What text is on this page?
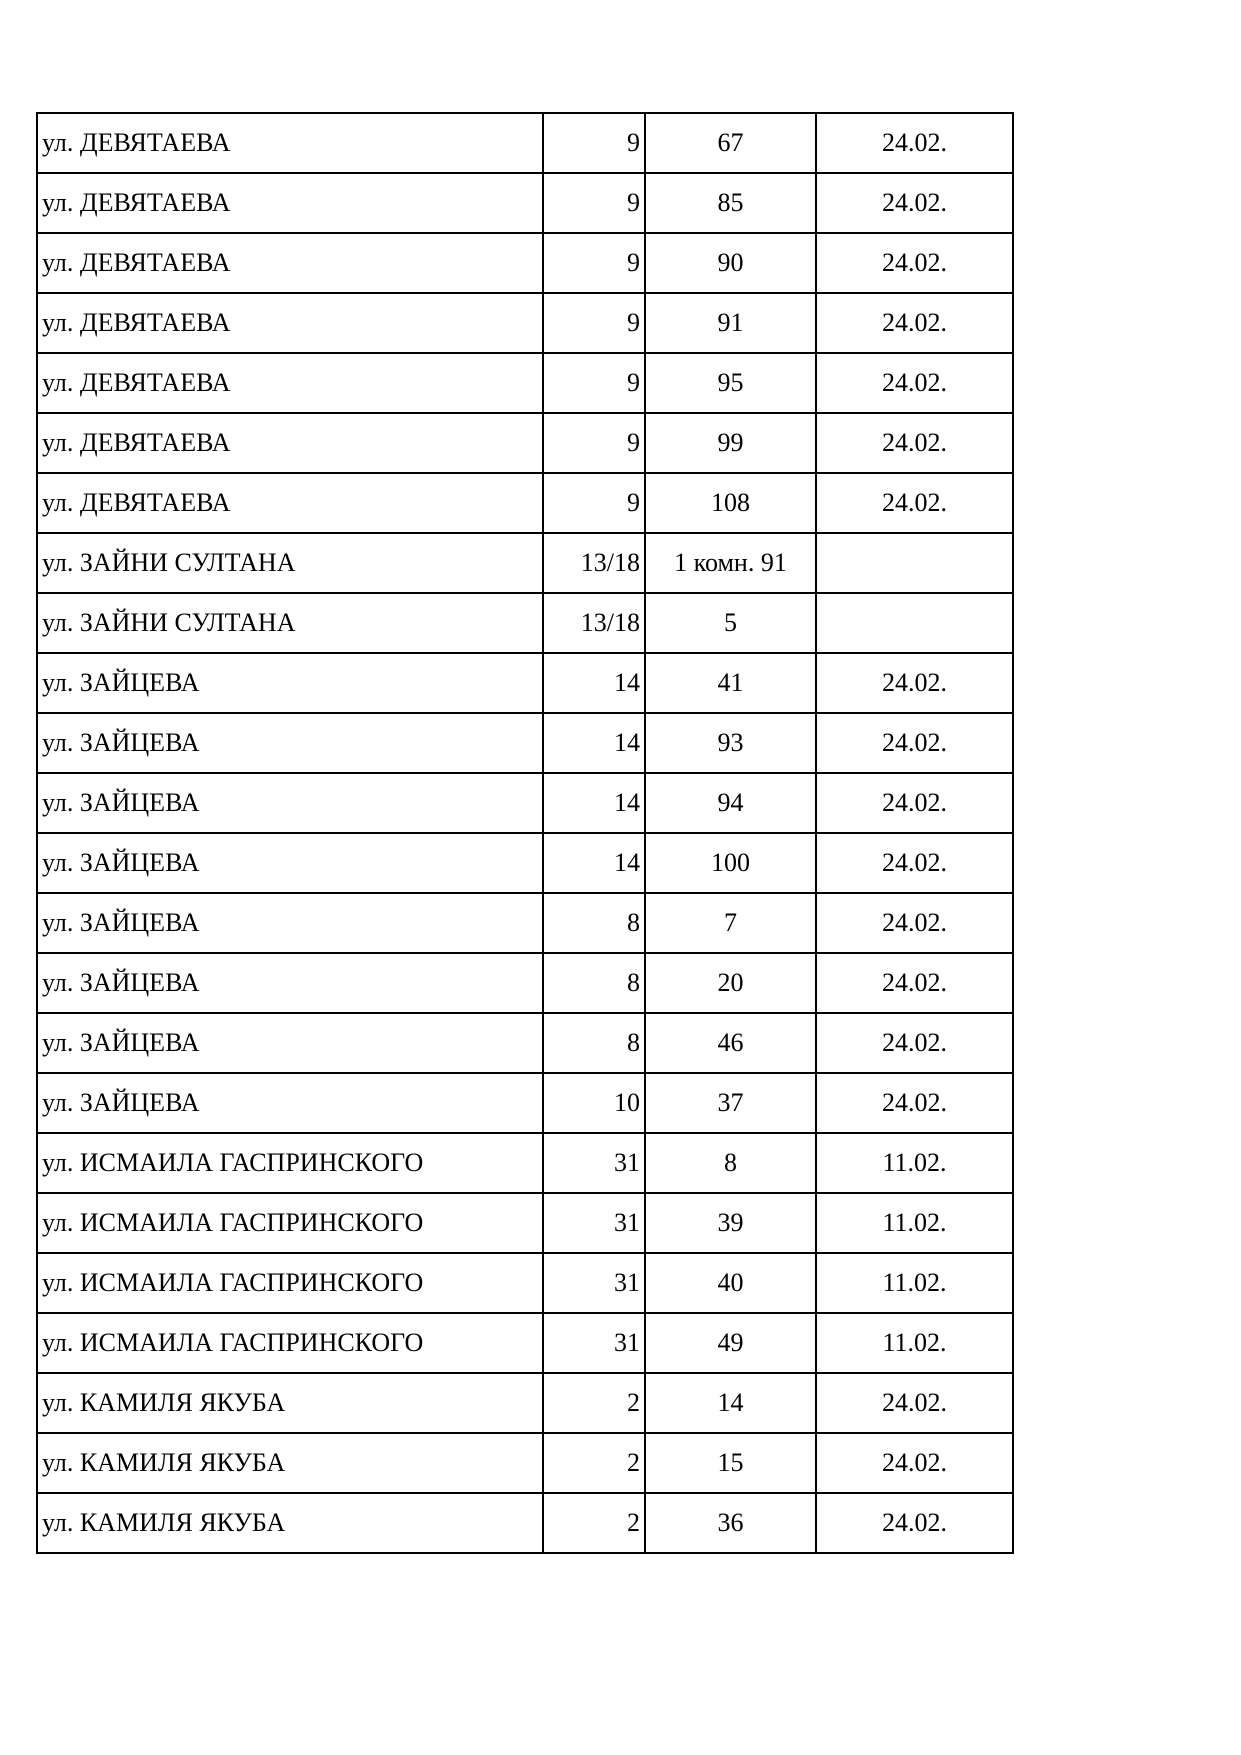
ул. ДЕВЯТАЕВА	9	67	24.02.
ул. ДЕВЯТАЕВА	9	85	24.02.
ул. ДЕВЯТАЕВА	9	90	24.02.
ул. ДЕВЯТАЕВА	9	91	24.02.
ул. ДЕВЯТАЕВА	9	95	24.02.
ул. ДЕВЯТАЕВА	9	99	24.02.
ул. ДЕВЯТАЕВА	9	108	24.02.
ул. ЗАЙНИ СУЛТАНА	13/18	1 комн. 91	
ул. ЗАЙНИ СУЛТАНА	13/18	5	
ул. ЗАЙЦЕВА	14	41	24.02.
ул. ЗАЙЦЕВА	14	93	24.02.
ул. ЗАЙЦЕВА	14	94	24.02.
ул. ЗАЙЦЕВА	14	100	24.02.
ул. ЗАЙЦЕВА	8	7	24.02.
ул. ЗАЙЦЕВА	8	20	24.02.
ул. ЗАЙЦЕВА	8	46	24.02.
ул. ЗАЙЦЕВА	10	37	24.02.
ул. ИСМАИЛА ГАСПРИНСКОГО	31	8	11.02.
ул. ИСМАИЛА ГАСПРИНСКОГО	31	39	11.02.
ул. ИСМАИЛА ГАСПРИНСКОГО	31	40	11.02.
ул. ИСМАИЛА ГАСПРИНСКОГО	31	49	11.02.
ул. КАМИЛЯ ЯКУБА	2	14	24.02.
ул. КАМИЛЯ ЯКУБА	2	15	24.02.
ул. КАМИЛЯ ЯКУБА	2	36	24.02.
